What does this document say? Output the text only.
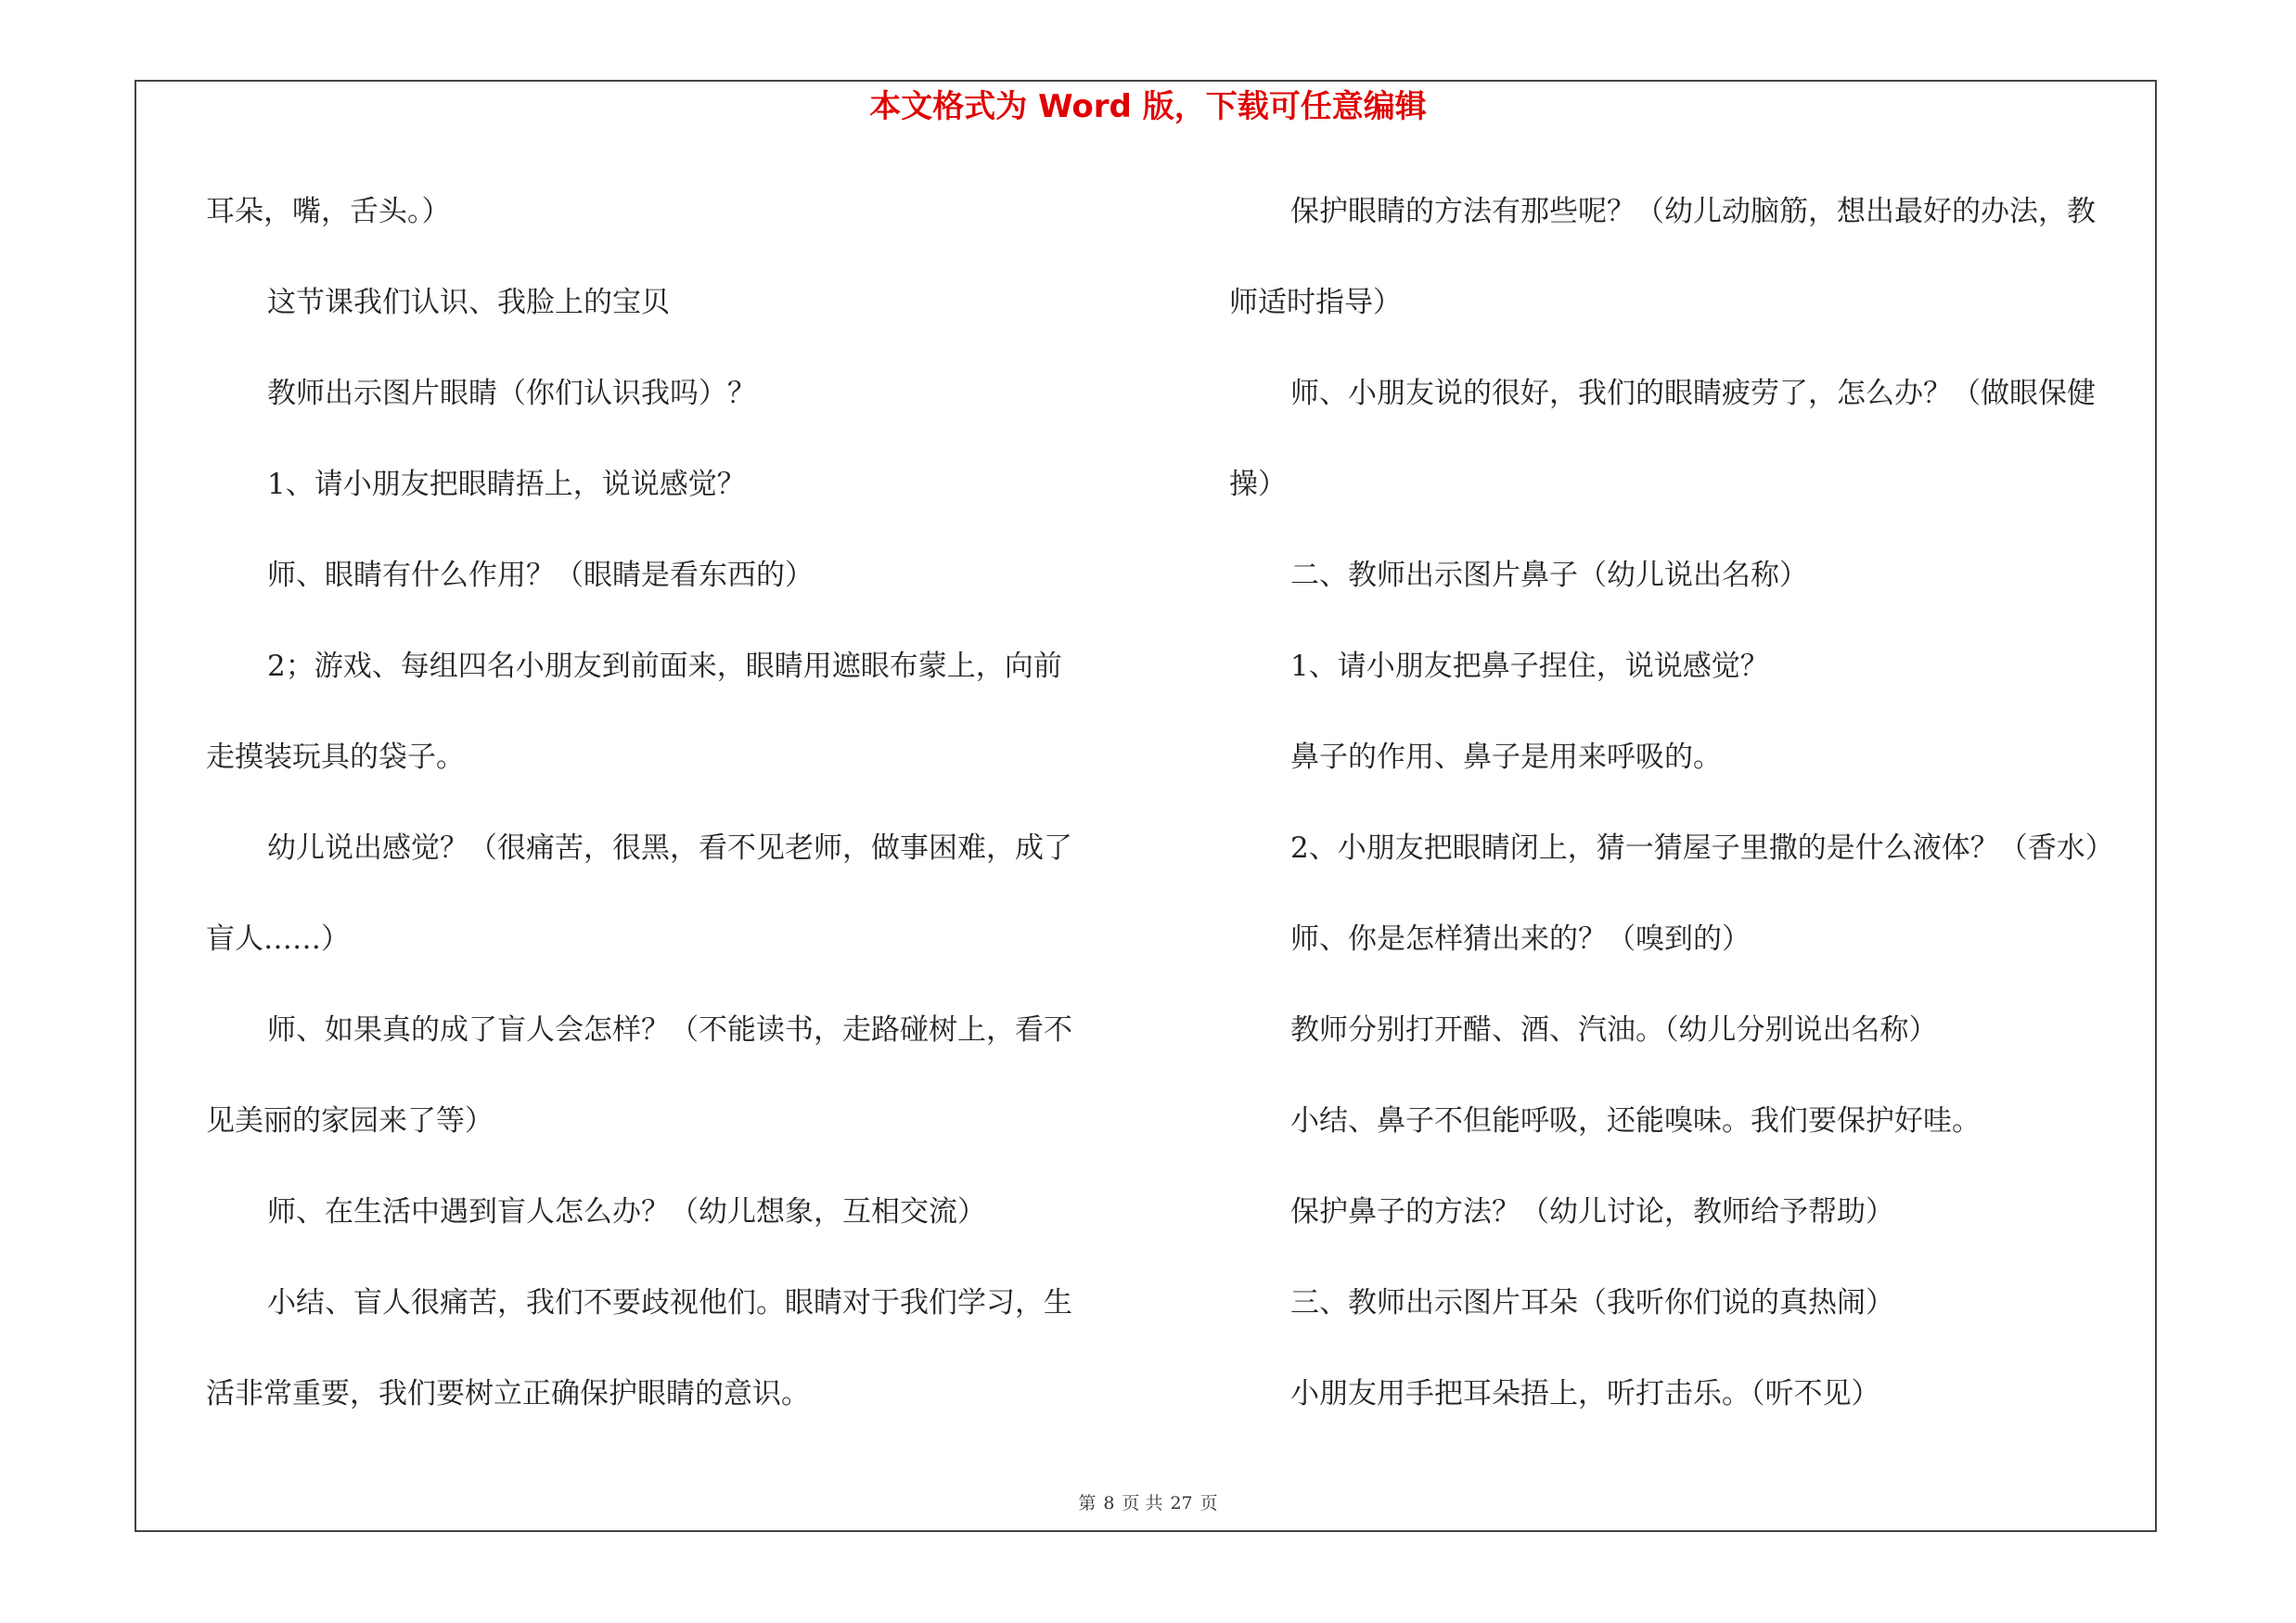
本文格式为 Word 版，下载可任意编辑
耳朵，嘴，舌头。）
这节课我们认识、我脸上的宝贝
教师出示图片眼睛（你们认识我吗）？
1、请小朋友把眼睛捂上，说说感觉？
师、眼睛有什么作用？（眼睛是看东西的）
2；游戏、每组四名小朋友到前面来，眼睛用遮眼布蒙上，向前
走摸装玩具的袋子。
幼儿说出感觉？（很痛苦，很黑，看不见老师，做事困难，成了
盲人……）
师、如果真的成了盲人会怎样？（不能读书，走路碰树上，看不
见美丽的家园来了等）
师、在生活中遇到盲人怎么办？（幼儿想象，互相交流）
小结、盲人很痛苦，我们不要歧视他们。眼睛对于我们学习，生
活非常重要，我们要树立正确保护眼睛的意识。
保护眼睛的方法有那些呢？（幼儿动脑筋，想出最好的办法，教
师适时指导）
师、小朋友说的很好，我们的眼睛疲劳了，怎么办？（做眼保健
操）
二、教师出示图片鼻子（幼儿说出名称）
1、请小朋友把鼻子捏住，说说感觉？
鼻子的作用、鼻子是用来呼吸的。
2、小朋友把眼睛闭上，猜一猜屋子里撒的是什么液体？（香水）
师、你是怎样猜出来的？（嗅到的）
教师分别打开醋、酒、汽油。（幼儿分别说出名称）
小结、鼻子不但能呼吸，还能嗅味。我们要保护好哇。
保护鼻子的方法？（幼儿讨论，教师给予帮助）
三、教师出示图片耳朵（我听你们说的真热闹）
小朋友用手把耳朵捂上，听打击乐。（听不见）
第 8 页 共 27 页
